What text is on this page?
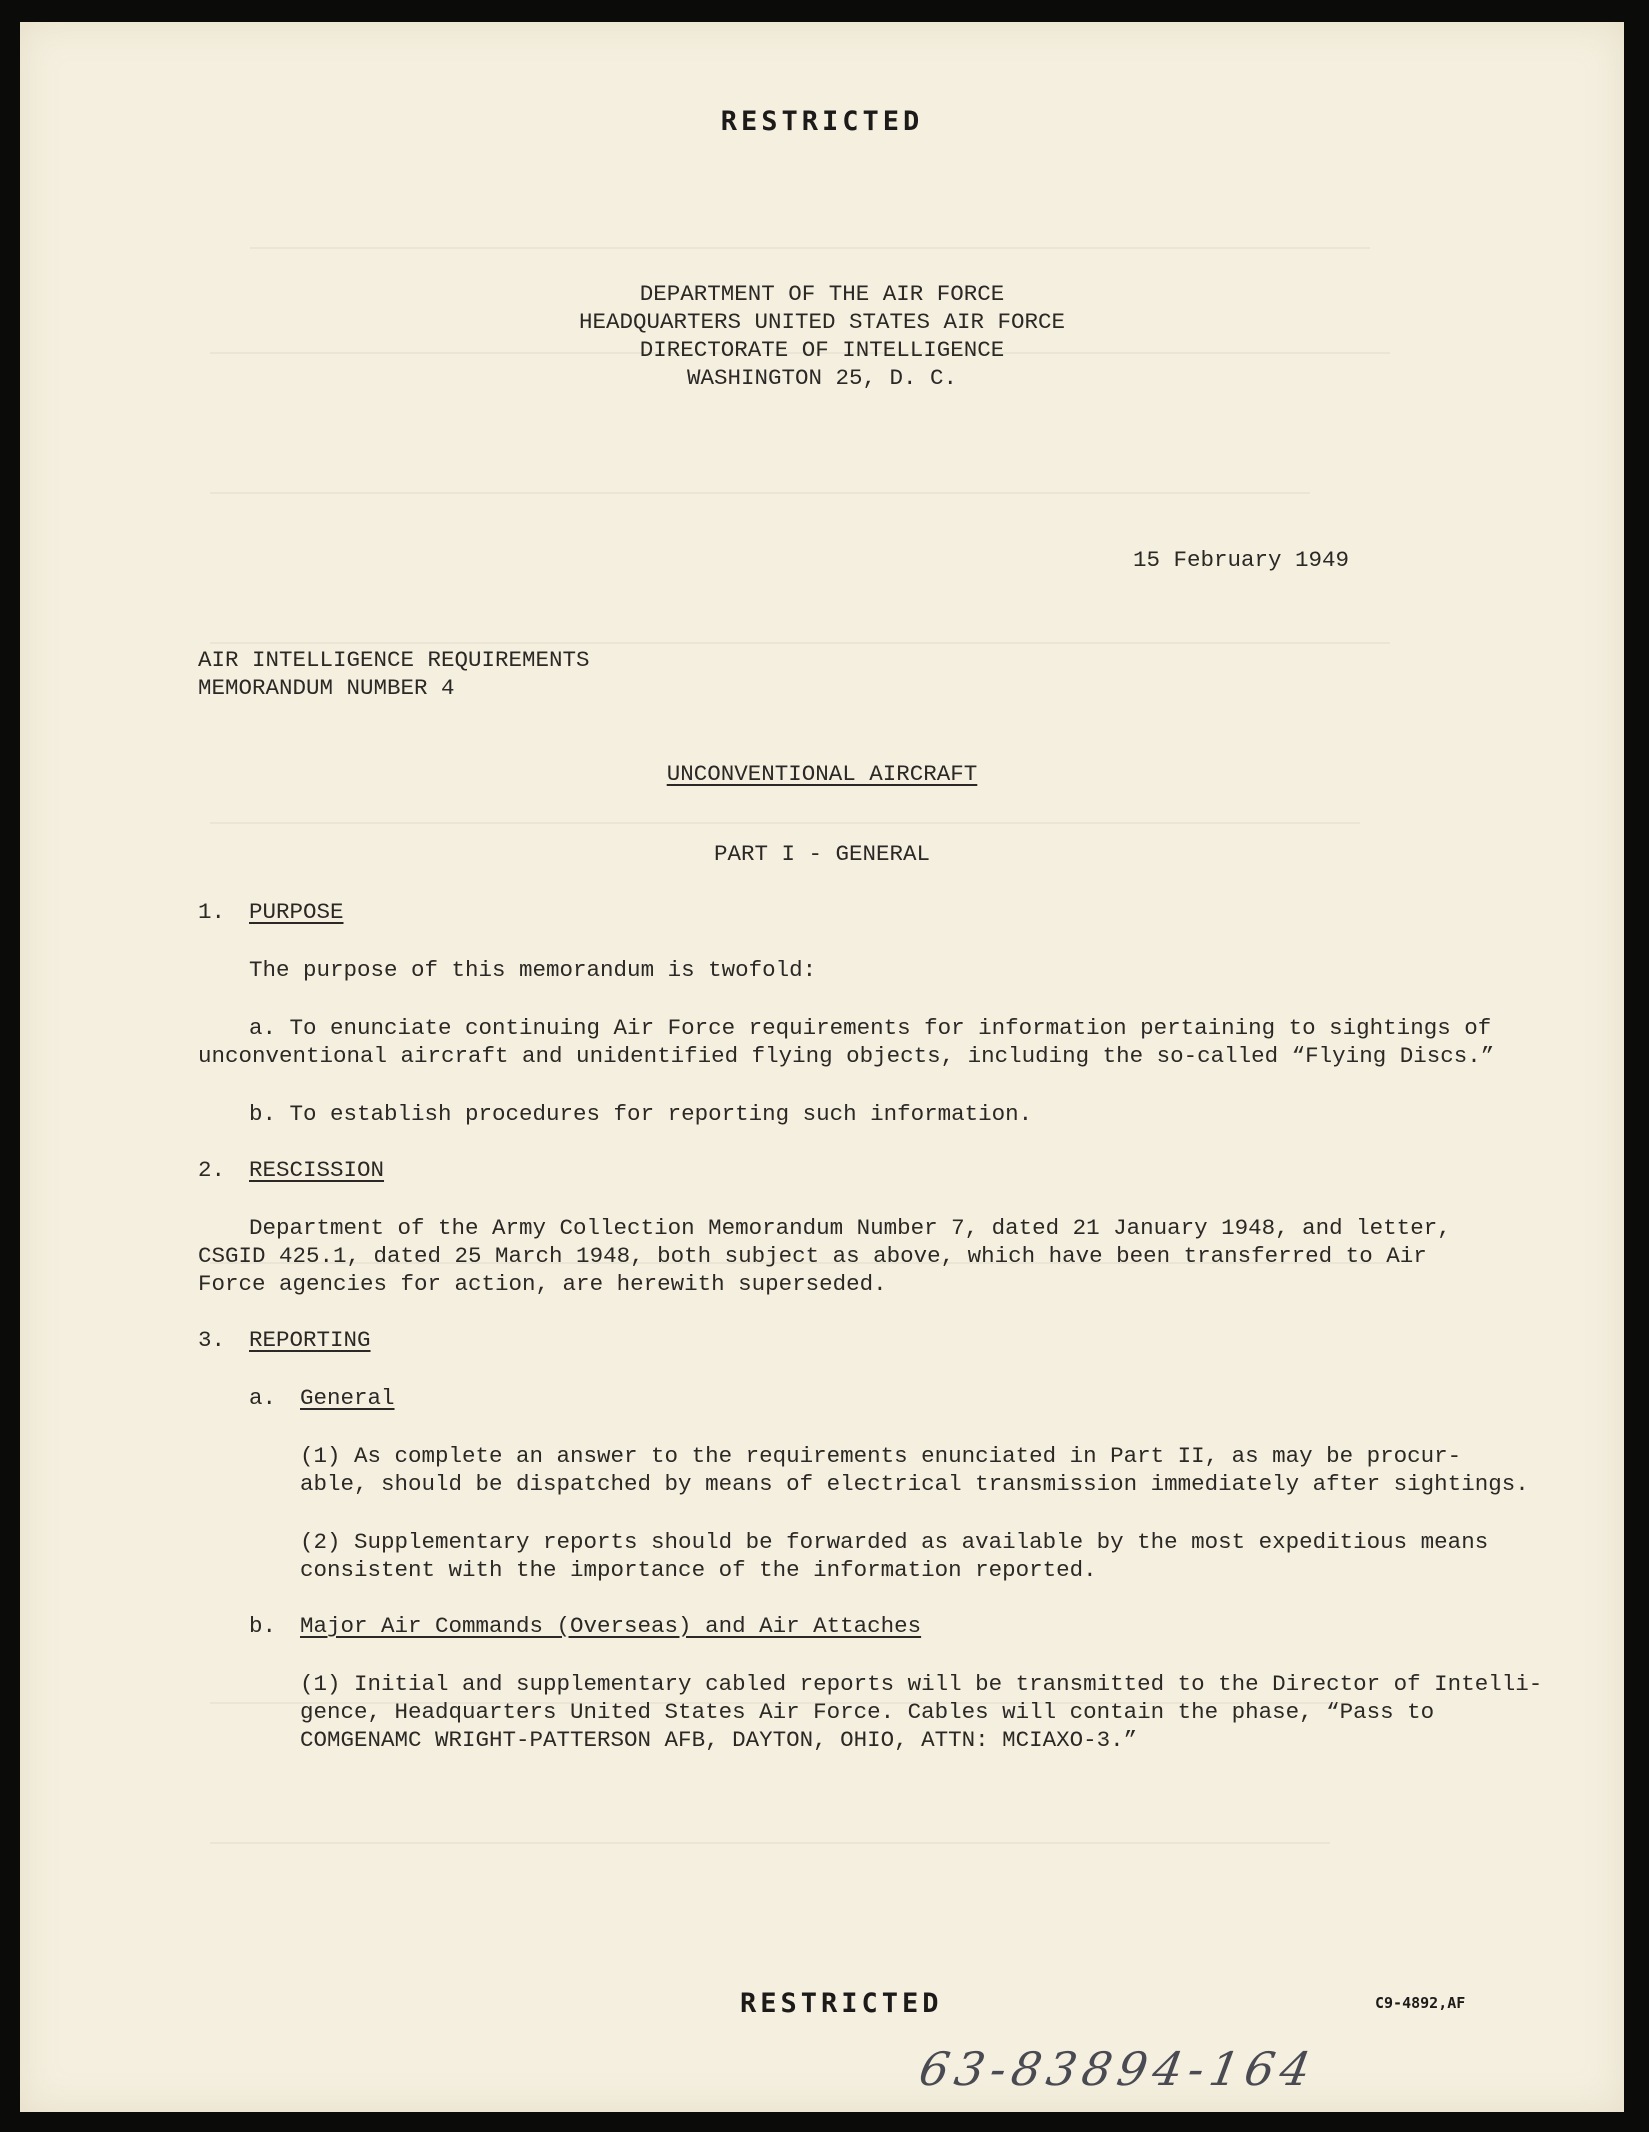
RESTRICTED
DEPARTMENT OF THE AIR FORCE
HEADQUARTERS UNITED STATES AIR FORCE
DIRECTORATE OF INTELLIGENCE
WASHINGTON 25, D. C.
15 February 1949
AIR INTELLIGENCE REQUIREMENTS
MEMORANDUM NUMBER 4
UNCONVENTIONAL AIRCRAFT
PART I - GENERAL
1. PURPOSE
The purpose of this memorandum is twofold:
a. To enunciate continuing Air Force requirements for information pertaining to sightings of
unconventional aircraft and unidentified flying objects, including the so-called “Flying Discs.”
b. To establish procedures for reporting such information.
2. RESCISSION
Department of the Army Collection Memorandum Number 7, dated 21 January 1948, and letter,
CSGID 425.1, dated 25 March 1948, both subject as above, which have been transferred to Air
Force agencies for action, are herewith superseded.
3. REPORTING
a. General
(1) As complete an answer to the requirements enunciated in Part II, as may be procur-
able, should be dispatched by means of electrical transmission immediately after sightings.
(2) Supplementary reports should be forwarded as available by the most expeditious means
consistent with the importance of the information reported.
b. Major Air Commands (Overseas) and Air Attaches
(1) Initial and supplementary cabled reports will be transmitted to the Director of Intelli-
gence, Headquarters United States Air Force. Cables will contain the phase, “Pass to
COMGENAMC WRIGHT-PATTERSON AFB, DAYTON, OHIO, ATTN: MCIAXO-3.”
RESTRICTED	C9-4892,AF
63-83894-164
